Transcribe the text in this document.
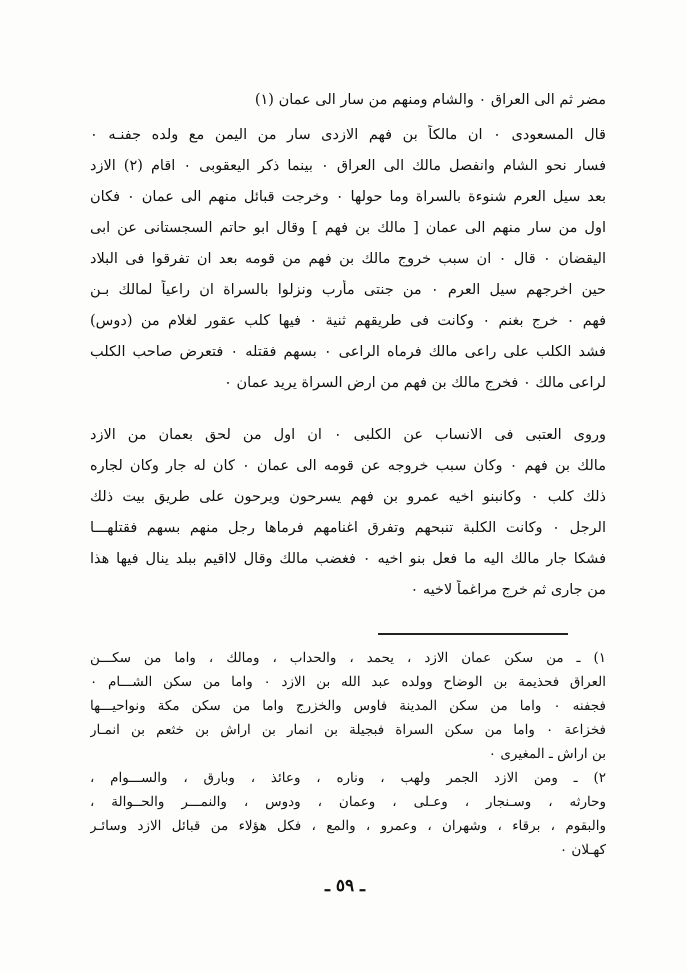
مضر ثم الى العراق ٠ والشام ومنهم من سار الى عمان (١)
قال المسعودى ٠ ان مالكاً بن فهم الازدى سار من اليمن مع ولده جفنـه ٠
فسار نحو الشام وانفصل مالك الى العراق ٠ بينما ذكر اليعقوبى ٠ اقام (٢) الازد
بعد سيل العرم شنوءة بالسراة وما حولها ٠ وخرجت قبائل منهم الى عمان ٠ فكان
اول من سار منهم الى عمان [ مالك بن فهم ] وقال ابو حاتم السجستانى عن ابى
اليقضان ٠ قال ٠ ان سبب خروج مالك بن فهم من قومه بعد ان تفرقوا فى البلاد
حين اخرجهم سيل العرم ٠ من جنتى مأرب ونزلوا بالسراة ان راعياً لمالك بـن
فهم ٠ خرج بغنم ٠ وكانت فى طريقهم ثنية ٠ فيها كلب عقور لغلام من (دوس)
فشد الكلب على راعى مالك فرماه الراعى ٠ بسهم فقتله ٠ فتعرض صاحب الكلب
لراعى مالك ٠ فخرج مالك بن فهم من ارض السراة يريد عمان ٠
وروى العتبى فى الانساب عن الكلبى ٠ ان اول من لحق بعمان من الازد
مالك بن فهم ٠ وكان سبب خروجه عن قومه الى عمان ٠ كان له جار وكان لجاره
ذلك كلب ٠ وكانبنو اخيه عمرو بن فهم يسرحون ويرحون على طريق بيت ذلك
الرجل ٠ وكانت الكلبة تنبحهم وتفرق اغنامهم فرماها رجل منهم بسهم فقتلهـــا
فشكا جار مالك اليه ما فعل بنو اخيه ٠ فغضب مالك وقال لااقيم ببلد ينال فيها هذا
من جارى ثم خرج مراغماً لاخيه ٠
١) ـ من سكن عمان الازد ، يحمد ، والحداب ، ومالك ، واما من سكـــن
العراق فحذيمة بن الوضاح وولده عبد الله بن الازد ٠ واما من سكن الشـــام ٠
فجفنه ٠ واما من سكن المدينة فاوس والخزرج واما من سكن مكة ونواحيـــها
فخزاعة ٠ واما من سكن السراة فبجيلة بن انمار بن اراش بن خثعم بن انمـار
بن اراش ـ المغيرى ٠
٢) ـ ومن الازد الجمر ولهب ، وناره ، وعائذ ، وبارق ، والســـوام ،
وحارثه ، وسـنجار ، وعـلى ، وعمان ، ودوس ، والنمـــر والحــوالة ،
والبقوم ، برقاء ، وشهران ، وعمرو ، والمع ، فكل هؤلاء من قبائل الازد وسائـر
كهـلان ٠
ـ ٥٩ ـ
